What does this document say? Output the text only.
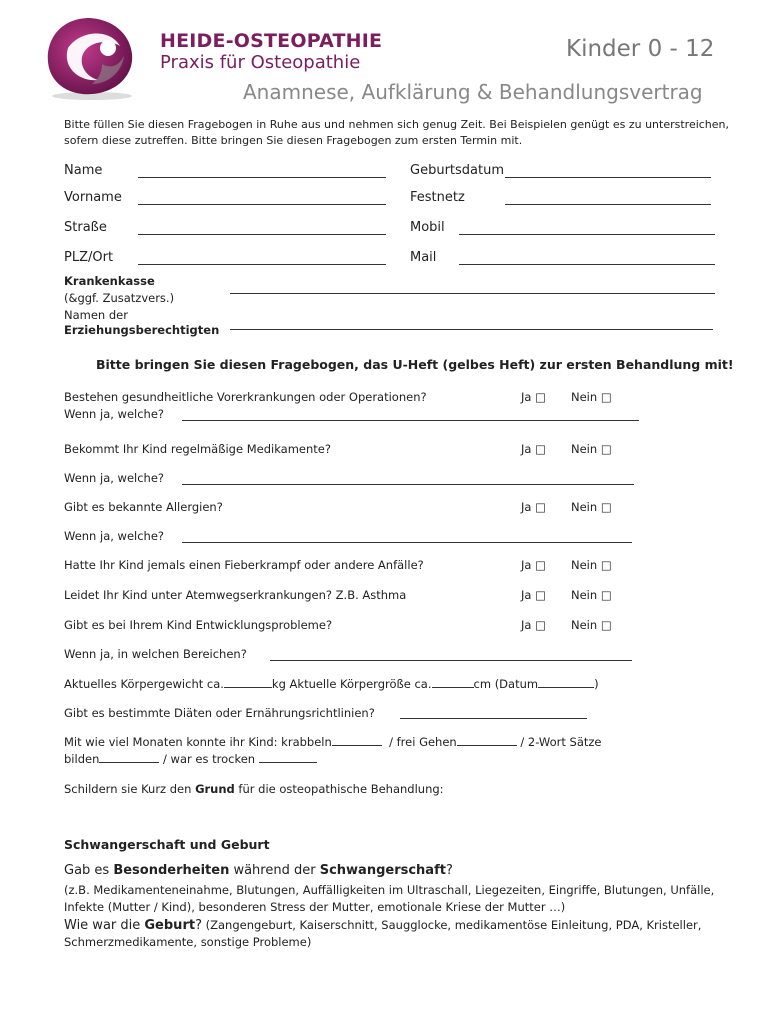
HEIDE-OSTEOPATHIE
Praxis für Osteopathie
Kinder 0 - 12
Anamnese, Aufklärung & Behandlungsvertrag
Bitte füllen Sie diesen Fragebogen in Ruhe aus und nehmen sich genug Zeit. Bei Beispielen genügt es zu unterstreichen, sofern diese zutreffen. Bitte bringen Sie diesen Fragebogen zum ersten Termin mit.
Name	Geburtsdatum
Vorname	Festnetz
Straße	Mobil
PLZ/Ort	Mail
Krankenkasse
(&ggf. Zusatzvers.)
Namen der
Erziehungsberechtigten
Bitte bringen Sie diesen Fragebogen, das U-Heft (gelbes Heft) zur ersten Behandlung mit!
Bestehen gesundheitliche Vorerkrankungen oder Operationen?	Ja □ Nein □
Wenn ja, welche?
Bekommt Ihr Kind regelmäßige Medikamente?	Ja □ Nein □
Wenn ja, welche?
Gibt es bekannte Allergien?	Ja □ Nein □
Wenn ja, welche?
Hatte Ihr Kind jemals einen Fieberkrampf oder andere Anfälle?	Ja □ Nein □
Leidet Ihr Kind unter Atemwegserkrankungen? Z.B. Asthma	Ja □ Nein □
Gibt es bei Ihrem Kind Entwicklungsprobleme?	Ja □ Nein □
Wenn ja, in welchen Bereichen?
Aktuelles Körpergewicht ca.	kg Aktuelle Körpergröße ca.	cm (Datum	)
Gibt es bestimmte Diäten oder Ernährungsrichtlinien?
Mit wie viel Monaten konnte ihr Kind: krabbeln	/ frei Gehen	/ 2-Wort Sätze
bilden	/ war es trocken
Schildern sie Kurz den Grund für die osteopathische Behandlung:
Schwangerschaft und Geburt
Gab es Besonderheiten während der Schwangerschaft?
(z.B. Medikamenteneinahme, Blutungen, Auffälligkeiten im Ultraschall, Liegezeiten, Eingriffe, Blutungen, Unfälle, Infekte (Mutter / Kind), besonderen Stress der Mutter, emotionale Kriese der Mutter …)
Wie war die Geburt? (Zangengeburt, Kaiserschnitt, Saugglocke, medikamentöse Einleitung, PDA, Kristeller, Schmerzmedikamente, sonstige Probleme)
